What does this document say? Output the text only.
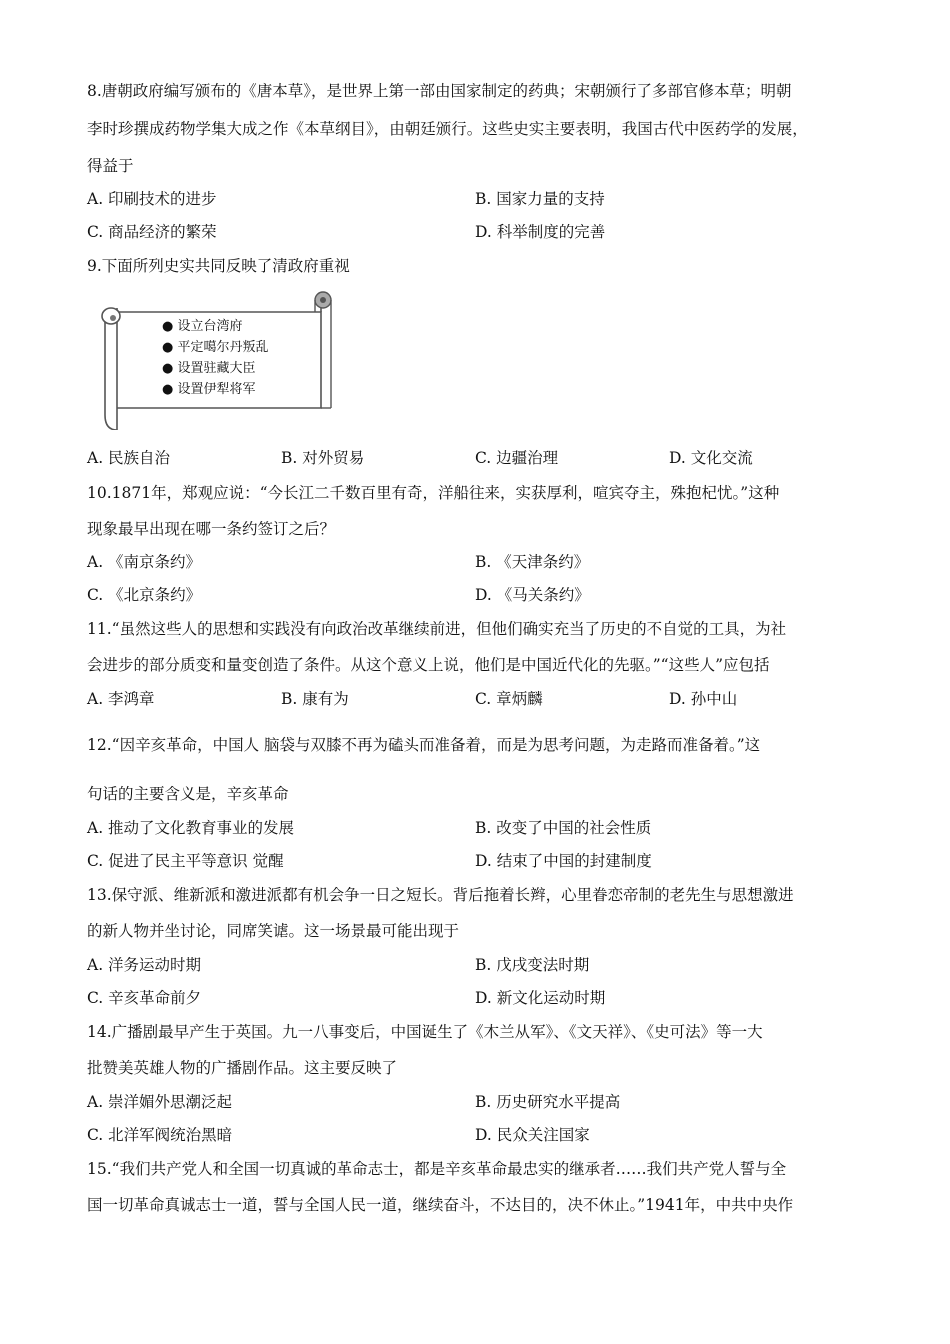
8.唐朝政府编写颁布的《唐本草》，是世界上第一部由国家制定的药典；宋朝颁行了多部官修本草；明朝
李时珍撰成药物学集大成之作《本草纲目》，由朝廷颁行。这些史实主要表明，我国古代中医药学的发展，
得益于
A. 印刷技术的进步	B. 国家力量的支持
C. 商品经济的繁荣	D. 科举制度的完善
9.下面所列史实共同反映了清政府重视
● 设立台湾府
● 平定噶尔丹叛乱
● 设置驻藏大臣
● 设置伊犁将军
A. 民族自治	B. 对外贸易	C. 边疆治理	D. 文化交流
10.1871年，郑观应说：“今长江二千数百里有奇，洋船往来，实获厚利，喧宾夺主，殊抱杞忧。”这种
现象最早出现在哪一条约签订之后？
A. 《南京条约》	B. 《天津条约》
C. 《北京条约》	D. 《马关条约》
11.“虽然这些人的思想和实践没有向政治改革继续前进，但他们确实充当了历史的不自觉的工具，为社
会进步的部分质变和量变创造了条件。从这个意义上说，他们是中国近代化的先驱。”“这些人”应包括
A. 李鸿章	B. 康有为	C. 章炳麟	D. 孙中山
12.“因辛亥革命，中国人 脑袋与双膝不再为磕头而准备着，而是为思考问题，为走路而准备着。”这
句话的主要含义是，辛亥革命
A. 推动了文化教育事业的发展	B. 改变了中国的社会性质
C. 促进了民主平等意识 觉醒	D. 结束了中国的封建制度
13.保守派、维新派和激进派都有机会争一日之短长。背后拖着长辫，心里眷恋帝制的老先生与思想激进
的新人物并坐讨论，同席笑谑。这一场景最可能出现于
A. 洋务运动时期	B. 戊戌变法时期
C. 辛亥革命前夕	D. 新文化运动时期
14.广播剧最早产生于英国。九一八事变后，中国诞生了《木兰从军》、《文天祥》、《史可法》等一大
批赞美英雄人物的广播剧作品。这主要反映了
A. 崇洋媚外思潮泛起	B. 历史研究水平提高
C. 北洋军阀统治黑暗	D. 民众关注国家
15.“我们共产党人和全国一切真诚的革命志士，都是辛亥革命最忠实的继承者……我们共产党人誓与全
国一切革命真诚志士一道，誓与全国人民一道，继续奋斗，不达目的，决不休止。”1941年，中共中央作
